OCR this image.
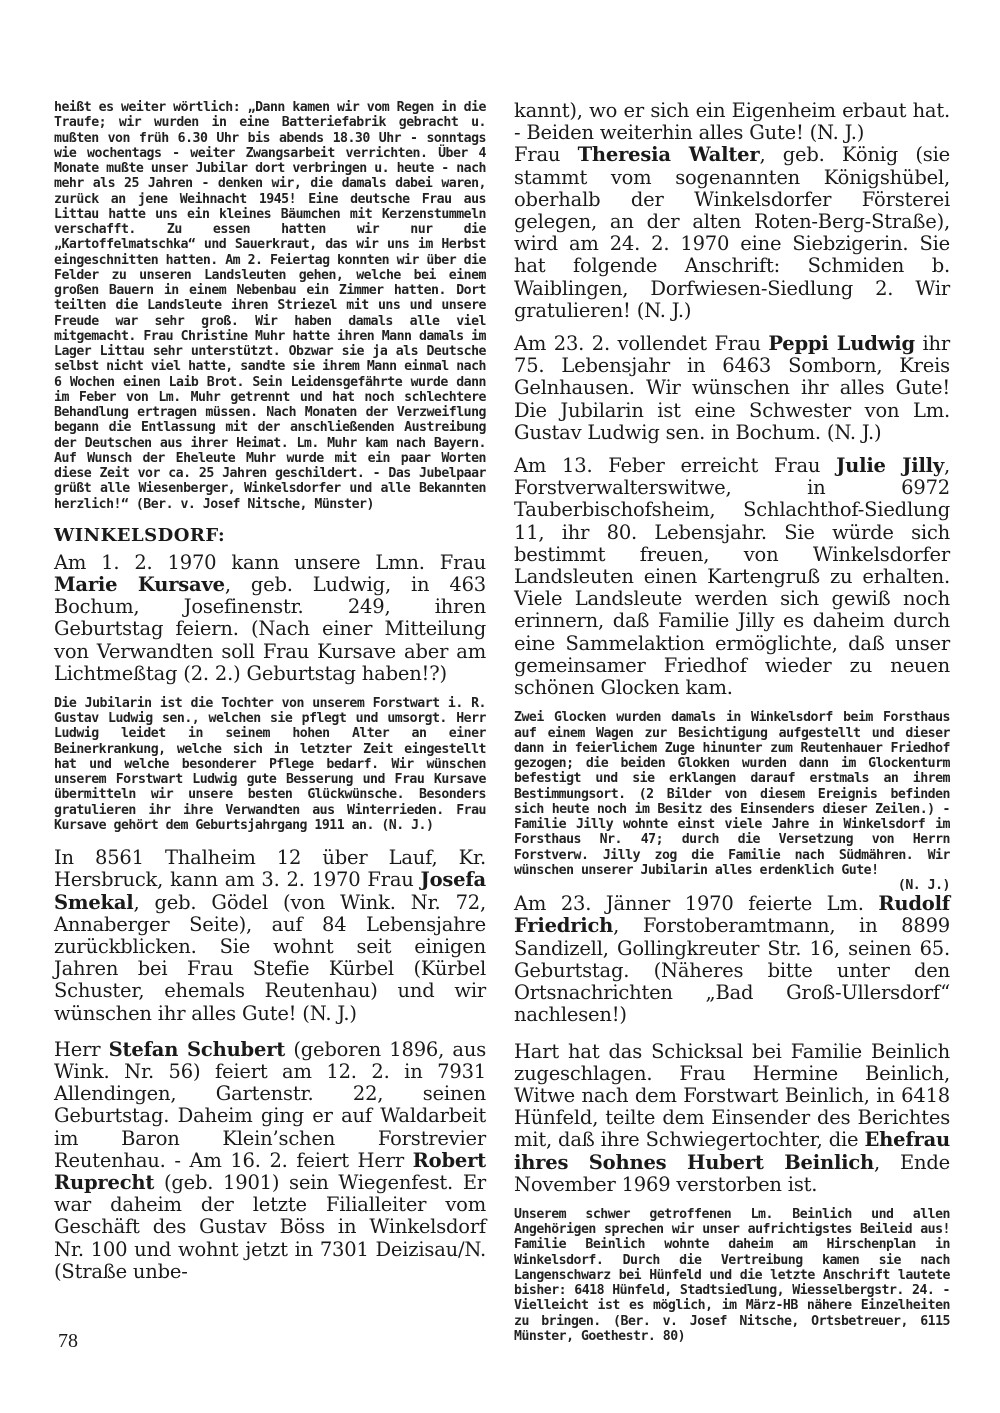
heißt es weiter wörtlich: „Dann kamen wir vom Regen in die Traufe; wir wurden in eine Batteriefabrik gebracht u. mußten von früh 6.30 Uhr bis abends 18.30 Uhr - sonntags wie wochentags - weiter Zwangsarbeit verrichten. Über 4 Monate mußte unser Jubilar dort verbringen u. heute - nach mehr als 25 Jahren - denken wir, die damals dabei waren, zurück an jene Weihnacht 1945! Eine deutsche Frau aus Littau hatte uns ein kleines Bäumchen mit Kerzenstummeln verschafft. Zu essen hatten wir nur die „Kartoffelmatschka“ und Sauerkraut, das wir uns im Herbst eingeschnitten hatten. Am 2. Feiertag konnten wir über die Felder zu unseren Landsleuten gehen, welche bei einem großen Bauern in einem Nebenbau ein Zimmer hatten. Dort teilten die Landsleute ihren Striezel mit uns und unsere Freude war sehr groß. Wir haben damals alle viel mitgemacht. Frau Christine Muhr hatte ihren Mann damals im Lager Littau sehr unterstützt. Obzwar sie ja als Deutsche selbst nicht viel hatte, sandte sie ihrem Mann einmal nach 6 Wochen einen Laib Brot. Sein Leidensgefährte wurde dann im Feber von Lm. Muhr getrennt und hat noch schlechtere Behandlung ertragen müssen. Nach Monaten der Verzweiflung begann die Entlassung mit der anschließenden Austreibung der Deutschen aus ihrer Heimat. Lm. Muhr kam nach Bayern. Auf Wunsch der Eheleute Muhr wurde mit ein paar Worten diese Zeit vor ca. 25 Jahren geschildert. - Das Jubelpaar grüßt alle Wiesenberger, Winkelsdorfer und alle Bekannten herzlich!“ (Ber. v. Josef Nitsche, Münster)

WINKELSDORF:

Am 1. 2. 1970 kann unsere Lmn. Frau Marie Kursave, geb. Ludwig, in 463 Bochum, Josefinenstr. 249, ihren Geburtstag feiern. (Nach einer Mitteilung von Verwandten soll Frau Kursave aber am Lichtmeßtag (2. 2.) Geburtstag haben!?)

Die Jubilarin ist die Tochter von unserem Forstwart i. R. Gustav Ludwig sen., welchen sie pflegt und umsorgt. Herr Ludwig leidet in seinem hohen Alter an einer Beinerkrankung, welche sich in letzter Zeit eingestellt hat und welche besonderer Pflege bedarf. Wir wünschen unserem Forstwart Ludwig gute Besserung und Frau Kursave übermitteln wir unsere besten Glückwünsche. Besonders gratulieren ihr ihre Verwandten aus Winterrieden. Frau Kursave gehört dem Geburtsjahrgang 1911 an. (N. J.)

In 8561 Thalheim 12 über Lauf, Kr. Hersbruck, kann am 3. 2. 1970 Frau Josefa Smekal, geb. Gödel (von Wink. Nr. 72, Annaberger Seite), auf 84 Lebensjahre zurückblicken. Sie wohnt seit einigen Jahren bei Frau Stefie Kürbel (Kürbel Schuster, ehemals Reutenhau) und wir wünschen ihr alles Gute! (N. J.)

Herr Stefan Schubert (geboren 1896, aus Wink. Nr. 56) feiert am 12. 2. in 7931 Allendingen, Gartenstr. 22, seinen Geburtstag. Daheim ging er auf Waldarbeit im Baron Klein’schen Forstrevier Reutenhau. - Am 16. 2. feiert Herr Robert Ruprecht (geb. 1901) sein Wiegenfest. Er war daheim der letzte Filialleiter vom Geschäft des Gustav Böss in Winkelsdorf Nr. 100 und wohnt jetzt in 7301 Deizisau/N. (Straße unbe-

kannt), wo er sich ein Eigenheim erbaut hat. - Beiden weiterhin alles Gute! (N. J.)

Frau Theresia Walter, geb. König (sie stammt vom sogenannten Königshübel, oberhalb der Winkelsdorfer Försterei gelegen, an der alten Roten-Berg-Straße), wird am 24. 2. 1970 eine Siebzigerin. Sie hat folgende Anschrift: Schmiden b. Waiblingen, Dorfwiesen-Siedlung 2. Wir gratulieren! (N. J.)

Am 23. 2. vollendet Frau Peppi Ludwig ihr 75. Lebensjahr in 6463 Somborn, Kreis Gelnhausen. Wir wünschen ihr alles Gute! Die Jubilarin ist eine Schwester von Lm. Gustav Ludwig sen. in Bochum. (N. J.)

Am 13. Feber erreicht Frau Julie Jilly, Forstverwalterswitwe, in 6972 Tauberbischofsheim, Schlachthof-Siedlung 11, ihr 80. Lebensjahr. Sie würde sich bestimmt freuen, von Winkelsdorfer Landsleuten einen Kartengruß zu erhalten. Viele Landsleute werden sich gewiß noch erinnern, daß Familie Jilly es daheim durch eine Sammelaktion ermöglichte, daß unser gemeinsamer Friedhof wieder zu neuen schönen Glocken kam.

Zwei Glocken wurden damals in Winkelsdorf beim Forsthaus auf einem Wagen zur Besichtigung aufgestellt und dieser dann in feierlichem Zuge hinunter zum Reutenhauer Friedhof gezogen; die beiden Glokken wurden dann im Glockenturm befestigt und sie erklangen darauf erstmals an ihrem Bestimmungsort. (2 Bilder von diesem Ereignis befinden sich heute noch im Besitz des Einsenders dieser Zeilen.) - Familie Jilly wohnte einst viele Jahre in Winkelsdorf im Forsthaus Nr. 47; durch die Versetzung von Herrn Forstverw. Jilly zog die Familie nach Südmähren. Wir wünschen unserer Jubilarin alles erdenklich Gute!

(N. J.)

Am 23. Jänner 1970 feierte Lm. Rudolf Friedrich, Forstoberamtmann, in 8899 Sandizell, Gollingkreuter Str. 16, seinen 65. Geburtstag. (Näheres bitte unter den Ortsnachrichten „Bad Groß-Ullersdorf“ nachlesen!)

Hart hat das Schicksal bei Familie Beinlich zugeschlagen. Frau Hermine Beinlich, Witwe nach dem Forstwart Beinlich, in 6418 Hünfeld, teilte dem Einsender des Berichtes mit, daß ihre Schwiegertochter, die Ehefrau ihres Sohnes Hubert Beinlich, Ende November 1969 verstorben ist.

Unserem schwer getroffenen Lm. Beinlich und allen Angehörigen sprechen wir unser aufrichtigstes Beileid aus! Familie Beinlich wohnte daheim am Hirschenplan in Winkelsdorf. Durch die Vertreibung kamen sie nach Langenschwarz bei Hünfeld und die letzte Anschrift lautete bisher: 6418 Hünfeld, Stadtsiedlung, Wiesselbergstr. 24. - Vielleicht ist es möglich, im März-HB nähere Einzelheiten zu bringen. (Ber. v. Josef Nitsche, Ortsbetreuer, 6115 Münster, Goethestr. 80)

78
